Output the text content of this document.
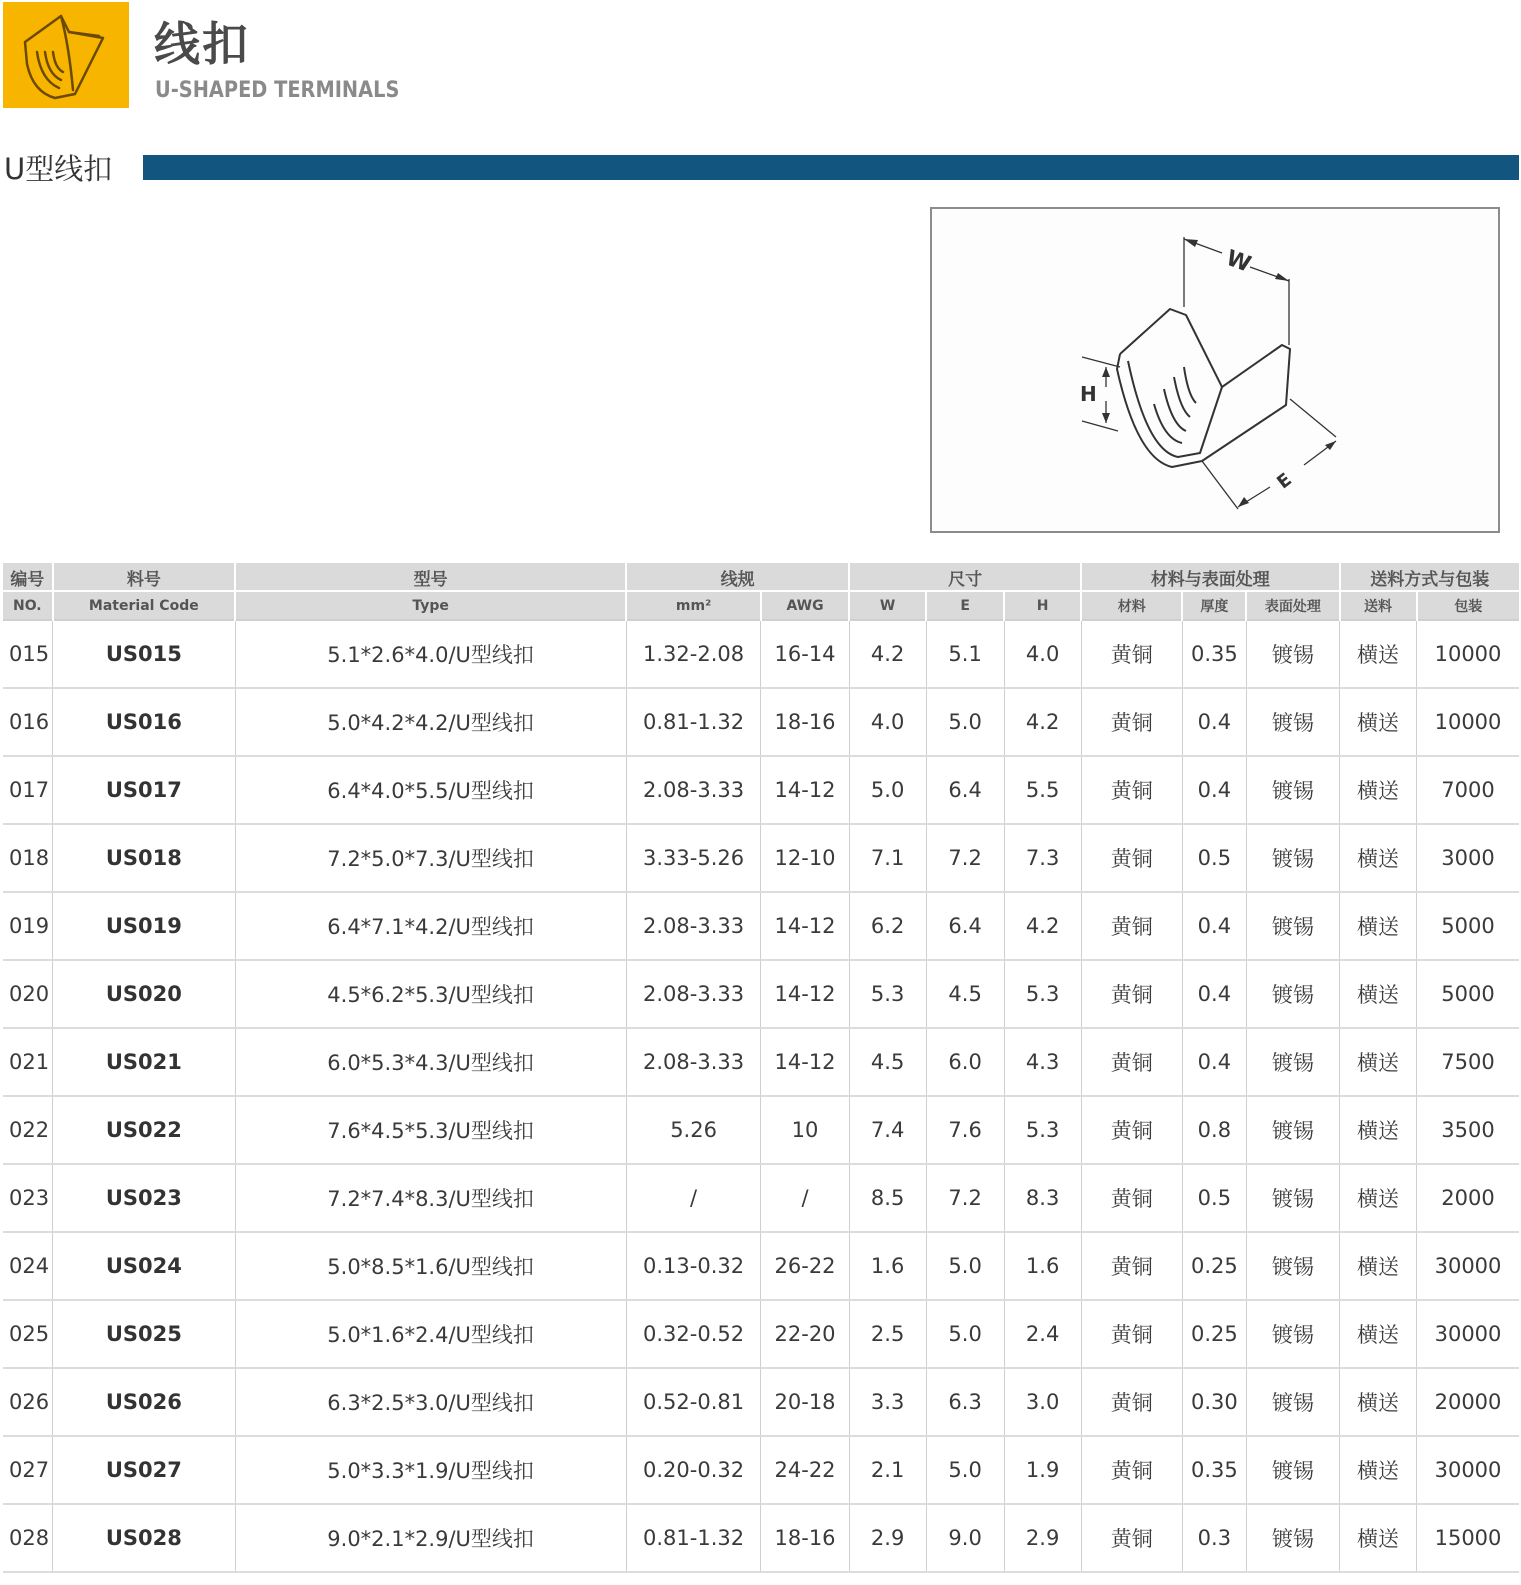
线扣
U-SHAPED TERMINALS
U型线扣
W
H
E
编号	料号	型号	线规		尺寸			材料与表面处理			送料方式与包装	
NO.	Material Code	Type	mm²	AWG	W	E	H	材料	厚度	表面处理	送料	包装
015	US015	5.1*2.6*4.0/U型线扣	1.32-2.08	16-14	4.2	5.1	4.0	黄铜	0.35	镀锡	横送	10000
016	US016	5.0*4.2*4.2/U型线扣	0.81-1.32	18-16	4.0	5.0	4.2	黄铜	0.4	镀锡	横送	10000
017	US017	6.4*4.0*5.5/U型线扣	2.08-3.33	14-12	5.0	6.4	5.5	黄铜	0.4	镀锡	横送	7000
018	US018	7.2*5.0*7.3/U型线扣	3.33-5.26	12-10	7.1	7.2	7.3	黄铜	0.5	镀锡	横送	3000
019	US019	6.4*7.1*4.2/U型线扣	2.08-3.33	14-12	6.2	6.4	4.2	黄铜	0.4	镀锡	横送	5000
020	US020	4.5*6.2*5.3/U型线扣	2.08-3.33	14-12	5.3	4.5	5.3	黄铜	0.4	镀锡	横送	5000
021	US021	6.0*5.3*4.3/U型线扣	2.08-3.33	14-12	4.5	6.0	4.3	黄铜	0.4	镀锡	横送	7500
022	US022	7.6*4.5*5.3/U型线扣	5.26	10	7.4	7.6	5.3	黄铜	0.8	镀锡	横送	3500
023	US023	7.2*7.4*8.3/U型线扣	/	/	8.5	7.2	8.3	黄铜	0.5	镀锡	横送	2000
024	US024	5.0*8.5*1.6/U型线扣	0.13-0.32	26-22	1.6	5.0	1.6	黄铜	0.25	镀锡	横送	30000
025	US025	5.0*1.6*2.4/U型线扣	0.32-0.52	22-20	2.5	5.0	2.4	黄铜	0.25	镀锡	横送	30000
026	US026	6.3*2.5*3.0/U型线扣	0.52-0.81	20-18	3.3	6.3	3.0	黄铜	0.30	镀锡	横送	20000
027	US027	5.0*3.3*1.9/U型线扣	0.20-0.32	24-22	2.1	5.0	1.9	黄铜	0.35	镀锡	横送	30000
028	US028	9.0*2.1*2.9/U型线扣	0.81-1.32	18-16	2.9	9.0	2.9	黄铜	0.3	镀锡	横送	15000
